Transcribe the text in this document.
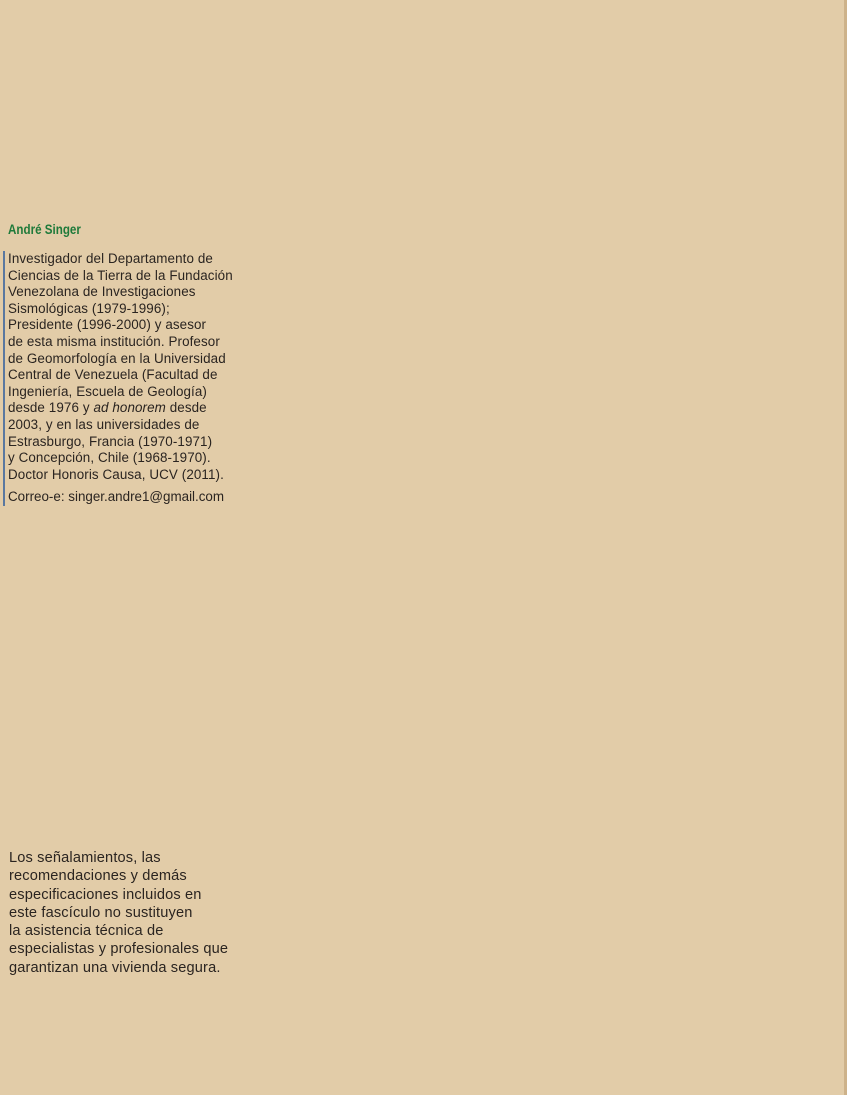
André Singer

Investigador del Departamento de
Ciencias de la Tierra de la Fundación
Venezolana de Investigaciones
Sismológicas (1979-1996);
Presidente (1996-2000) y asesor
de esta misma institución. Profesor
de Geomorfología en la Universidad
Central de Venezuela (Facultad de
Ingeniería, Escuela de Geología)
desde 1976 y ad honorem desde
2003, y en las universidades de
Estrasburgo, Francia (1970-1971)
y Concepción, Chile (1968-1970).
Doctor Honoris Causa, UCV (2011).

Correo-e: singer.andre1@gmail.com

Los señalamientos, las
recomendaciones y demás
especificaciones incluidos en
este fascículo no sustituyen
la asistencia técnica de
especialistas y profesionales que
garantizan una vivienda segura.
